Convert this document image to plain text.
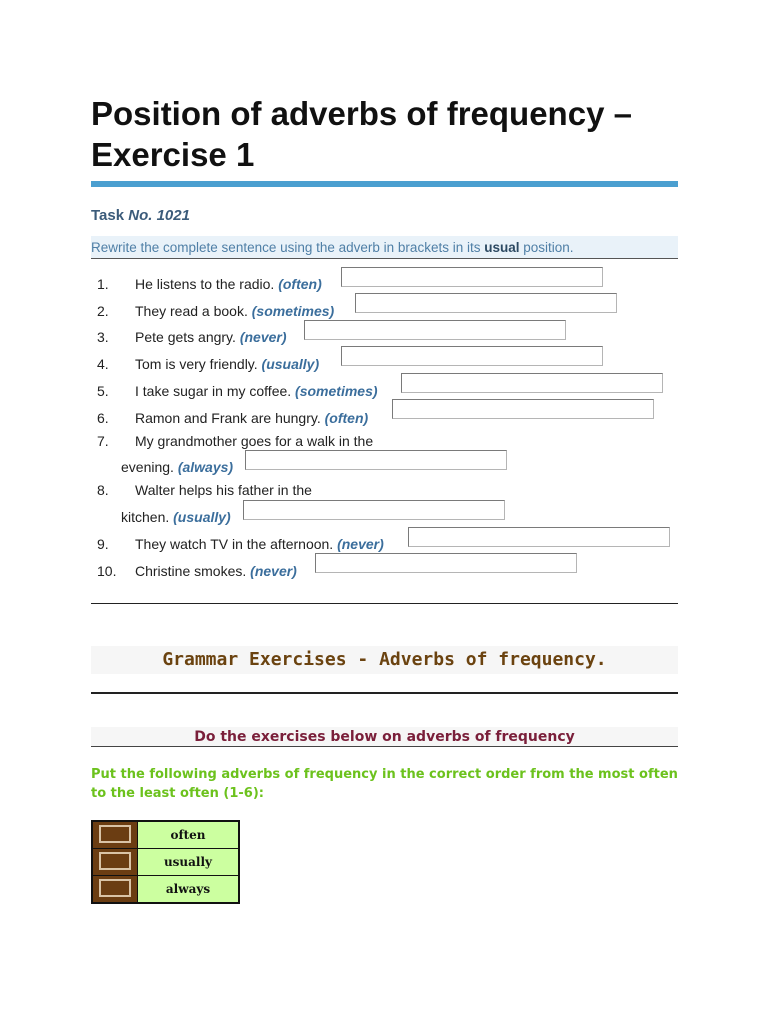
Position of adverbs of frequency – Exercise 1
Task No. 1021
Rewrite the complete sentence using the adverb in brackets in its usual position.
1.	He listens to the radio. (often)
2.	They read a book. (sometimes)
3.	Pete gets angry. (never)
4.	Tom is very friendly. (usually)
5.	I take sugar in my coffee. (sometimes)
6.	Ramon and Frank are hungry. (often)
7.	My grandmother goes for a walk in the
evening. (always)
8.	Walter helps his father in the
kitchen. (usually)
9.	They watch TV in the afternoon. (never)
10.	Christine smokes. (never)
Grammar Exercises - Adverbs of frequency.
Do the exercises below on adverbs of frequency
Put the following adverbs of frequency in the correct order from the most often to the least often (1-6):
	often
	usually
	always
